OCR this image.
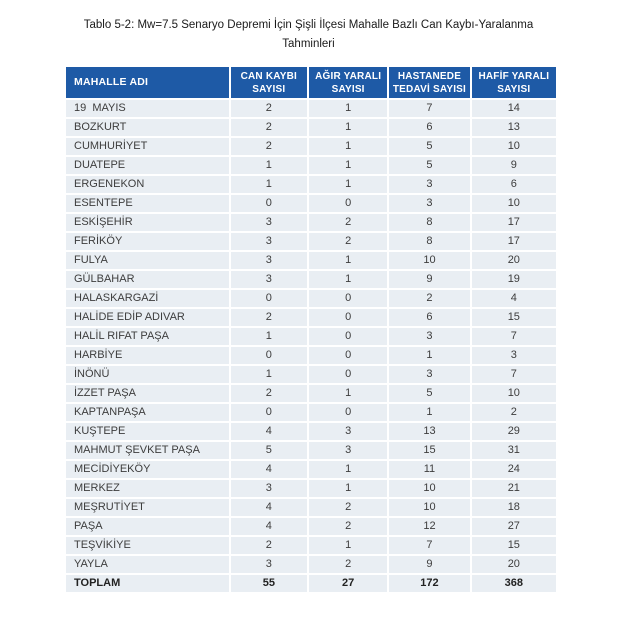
Tablo 5-2: Mw=7.5 Senaryo Depremi İçin Şişli İlçesi Mahalle Bazlı Can Kaybı-Yaralanma
Tahminleri
MAHALLE ADI	CAN KAYBI SAYISI	AĞIR YARALI SAYISI	HASTANEDE TEDAVİ SAYISI	HAFİF YARALI SAYISI
19  MAYIS	2	1	7	14
BOZKURT	2	1	6	13
CUMHURİYET	2	1	5	10
DUATEPE	1	1	5	9
ERGENEKON	1	1	3	6
ESENTEPE	0	0	3	10
ESKİŞEHİR	3	2	8	17
FERİKÖY	3	2	8	17
FULYA	3	1	10	20
GÜLBAHAR	3	1	9	19
HALASKARGAZİ	0	0	2	4
HALİDE EDİP ADIVAR	2	0	6	15
HALİL RIFAT PAŞA	1	0	3	7
HARBİYE	0	0	1	3
İNÖNÜ	1	0	3	7
İZZET PAŞA	2	1	5	10
KAPTANPAŞA	0	0	1	2
KUŞTEPE	4	3	13	29
MAHMUT ŞEVKET PAŞA	5	3	15	31
MECİDİYEKÖY	4	1	11	24
MERKEZ	3	1	10	21
MEŞRUTİYET	4	2	10	18
PAŞA	4	2	12	27
TEŞVİKİYE	2	1	7	15
YAYLA	3	2	9	20
TOPLAM	55	27	172	368
